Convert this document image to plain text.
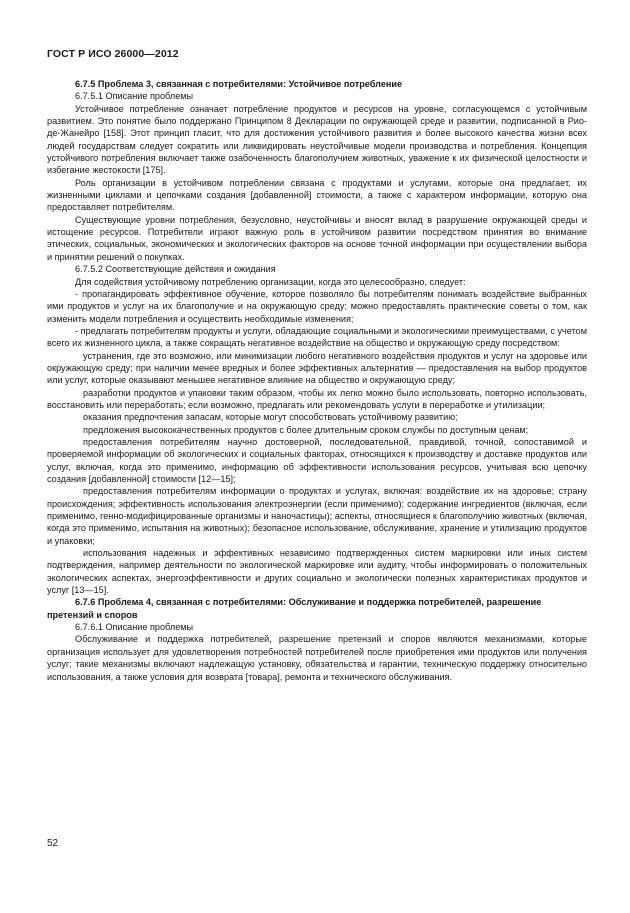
ГОСТ Р ИСО 26000—2012

6.7.5 Проблема 3, связанная с потребителями: Устойчивое потребление

6.7.5.1 Описание проблемы

Устойчивое потребление означает потребление продуктов и ресурсов на уровне, согласующемся с устойчивым развитием. Это понятие было поддержано Принципом 8 Декларации по окружающей среде и развитии, подписанной в Рио-де-Жанейро [158]. Этот принцип гласит, что для достижения устойчивого развития и более высокого качества жизни всех людей государствам следует сократить или ликвидировать неустойчивые модели производства и потребления. Концепция устойчивого потребления включает также озабоченность благополучием животных, уважение к их физической целостности и избегание жестокости [175].

Роль организации в устойчивом потреблении связана с продуктами и услугами, которые она предлагает, их жизненными циклами и цепочками создания [добавленной] стоимости, а также с характером информации, которую она предоставляет потребителям.

Существующие уровни потребления, безусловно, неустойчивы и вносят вклад в разрушение окружающей среды и истощение ресурсов. Потребители играют важную роль в устойчивом развитии посредством принятия во внимание этических, социальных, экономических и экологических факторов на основе точной информации при осуществлении выбора и принятии решений о покупках.

6.7.5.2 Соответствующие действия и ожидания

Для содействия устойчивому потреблению организации, когда это целесообразно, следует:

- пропагандировать эффективное обучение, которое позволяло бы потребителям понимать воздействие выбранных ими продуктов и услуг на их благополучие и на окружающую среду; можно предоставлять практические советы о том, как изменить модели потребления и осуществить необходимые изменения;

- предлагать потребителям продукты и услуги, обладающие социальными и экологическими преимуществами, с учетом всего их жизненного цикла, а также сокращать негативное воздействие на общество и окружающую среду посредством:

устранения, где это возможно, или минимизации любого негативного воздействия продуктов и услуг на здоровье или окружающую среду; при наличии менее вредных и более эффективных альтернатив — предоставления на выбор продуктов или услуг, которые оказывают меньшее негативное влияние на общество и окружающую среду;

разработки продуктов и упаковки таким образом, чтобы их легко можно было использовать, повторно использовать, восстановить или переработать; если возможно, предлагать или рекомендовать услуги в переработке и утилизации;

оказания предпочтения запасам, которые могут способствовать устойчивому развитию;

предложения высококачественных продуктов с более длительным сроком службы по доступным ценам;

предоставления потребителям научно достоверной, последовательной, правдивой, точной, сопоставимой и проверяемой информации об экологических и социальных факторах, относящихся к производству и доставке продуктов или услуг, включая, когда это применимо, информацию об эффективности использования ресурсов, учитывая всю цепочку создания [добавленной] стоимости [12—15];

предоставления потребителям информации о продуктах и услугах, включая: воздействие их на здоровье; страну происхождения; эффективность использования электроэнергии (если применимо); содержание ингредиентов (включая, если применимо, генно-модифицированные организмы и наночастицы); аспекты, относящиеся к благополучию животных (включая, когда это применимо, испытания на животных); безопасное использование, обслуживание, хранение и утилизацию продуктов и упаковки;

использования надежных и эффективных независимо подтвержденных систем маркировки или иных систем подтверждения, например деятельности по экологической маркировке или аудиту, чтобы информировать о положительных экологических аспектах, энергоэффективности и других социально и экологически полезных характеристиках продуктов и услуг [13—15].

6.7.6 Проблема 4, связанная с потребителями: Обслуживание и поддержка потребителей, разрешение претензий и споров

6.7.6.1 Описание проблемы

Обслуживание и поддержка потребителей, разрешение претензий и споров являются механизмами, которые организация использует для удовлетворения потребностей потребителей после приобретения ими продуктов или получения услуг; такие механизмы включают надлежащую установку, обязательства и гарантии, техническую поддержку относительно использования, а также условия для возврата [товара], ремонта и технического обслуживания.

52
